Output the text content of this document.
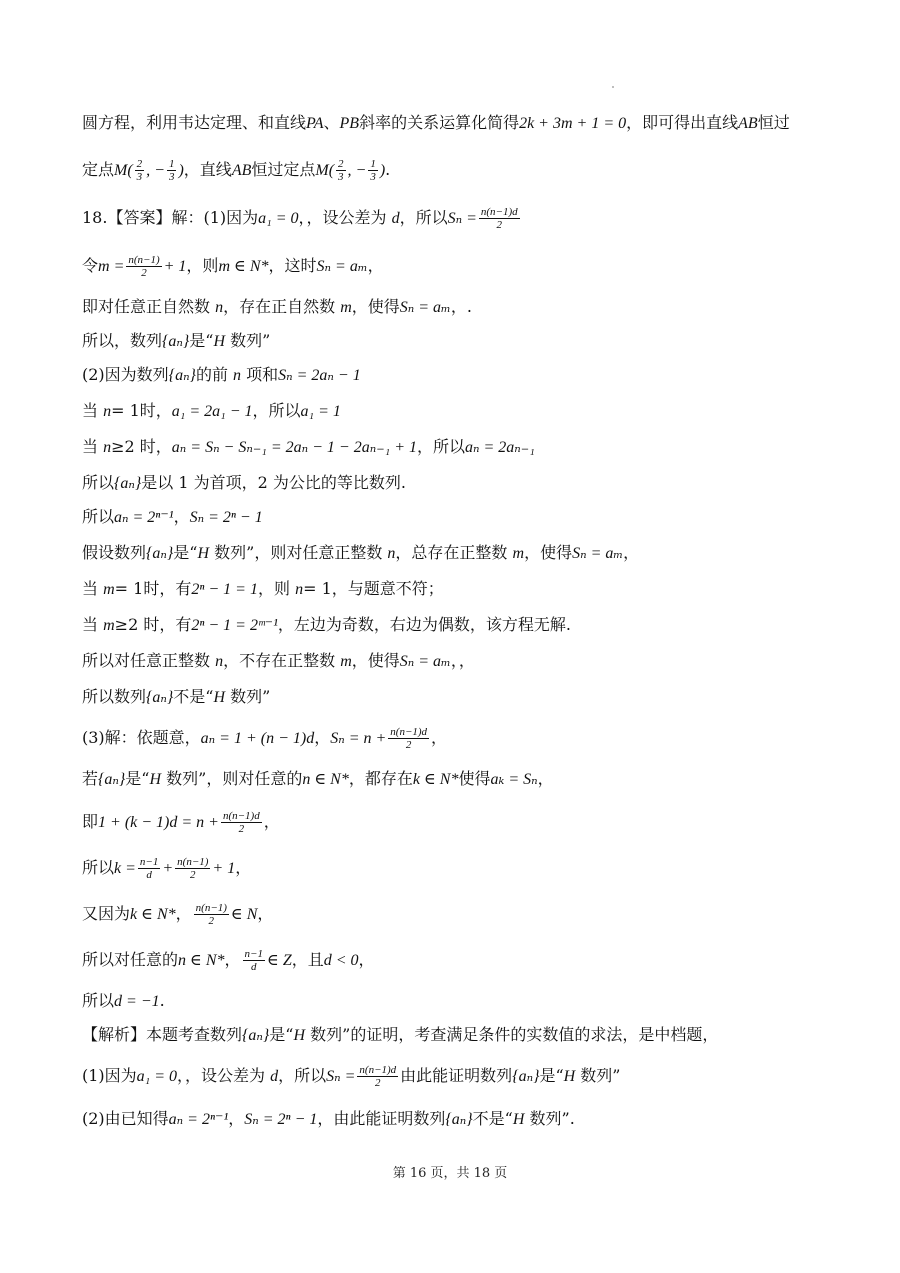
圆方程，利用韦达定理、和直线PA、PB斜率的关系运算化简得2k + 3m + 1 = 0，即可得出直线AB恒过
定点$M( \frac{2}{3}$ , − $\frac{1}{3}$ )，直线AB恒过定点$M( \frac{2}{3}$ , − $\frac{1}{3}$ ).
18.【答案】解：(1)因为a₁ = 0，，设公差为 d，所以$S_n = \frac{n(n-1)d}{2}$
令$m = \frac{n(n-1)}{2} + 1$，则m ∈ N*，这时Sₙ = aₘ，
即对任意正自然数 n，存在正自然数 m，使得Sₙ = aₘ，.
所以，数列{aₙ}是“H 数列”
(2)因为数列{aₙ}的前 n 项和Sₙ = 2aₙ − 1
当 n= 1时，a₁ = 2a₁ − 1，所以a₁ = 1
当 n≥2 时，aₙ = Sₙ − Sₙ₋₁ = 2aₙ − 1 − 2aₙ₋₁ + 1，所以aₙ = 2aₙ₋₁
所以{aₙ}是以 1 为首项，2 为公比的等比数列.
所以aₙ = 2ⁿ⁻¹，Sₙ = 2ⁿ − 1
假设数列{aₙ}是“H 数列”，则对任意正整数 n，总存在正整数 m，使得Sₙ = aₘ，
当 m= 1时，有2ⁿ − 1 = 1，则 n= 1，与题意不符；
当 m≥2 时，有2ⁿ − 1 = 2ᵐ⁻¹，左边为奇数，右边为偶数，该方程无解.
所以对任意正整数 n，不存在正整数 m，使得Sₙ = aₘ，，
所以数列{aₙ}不是“H 数列”
(3)解：依题意，aₙ = 1 + (n − 1)d，$S_n = n + \frac{n(n-1)d}{2}$ ，
若{aₙ}是“H 数列”，则对任意的n ∈ N*，都存在k ∈ N*使得aₖ = Sₙ，
即$1 + (k - 1)d = n + \frac{n(n-1)d}{2}$ ，
所以$k = \frac{n-1}{d} + \frac{n(n-1)}{2} + 1$，
又因为k ∈ N*， $\frac{n(n-1)}{2}$ ∈ N，
所以对任意的n ∈ N*， $\frac{n-1}{d}$ ∈ Z，且d < 0，
所以d = −1.
【解析】本题考查数列{aₙ}是“H 数列”的证明，考查满足条件的实数值的求法，是中档题，
(1)因为a₁ = 0，，设公差为 d，所以$S_n = \frac{n(n-1)d}{2}$ 由此能证明数列{aₙ}是“H 数列”
(2)由已知得aₙ = 2ⁿ⁻¹，Sₙ = 2ⁿ − 1，由此能证明数列{aₙ}不是“H 数列”.
第 16 页，共 18 页
